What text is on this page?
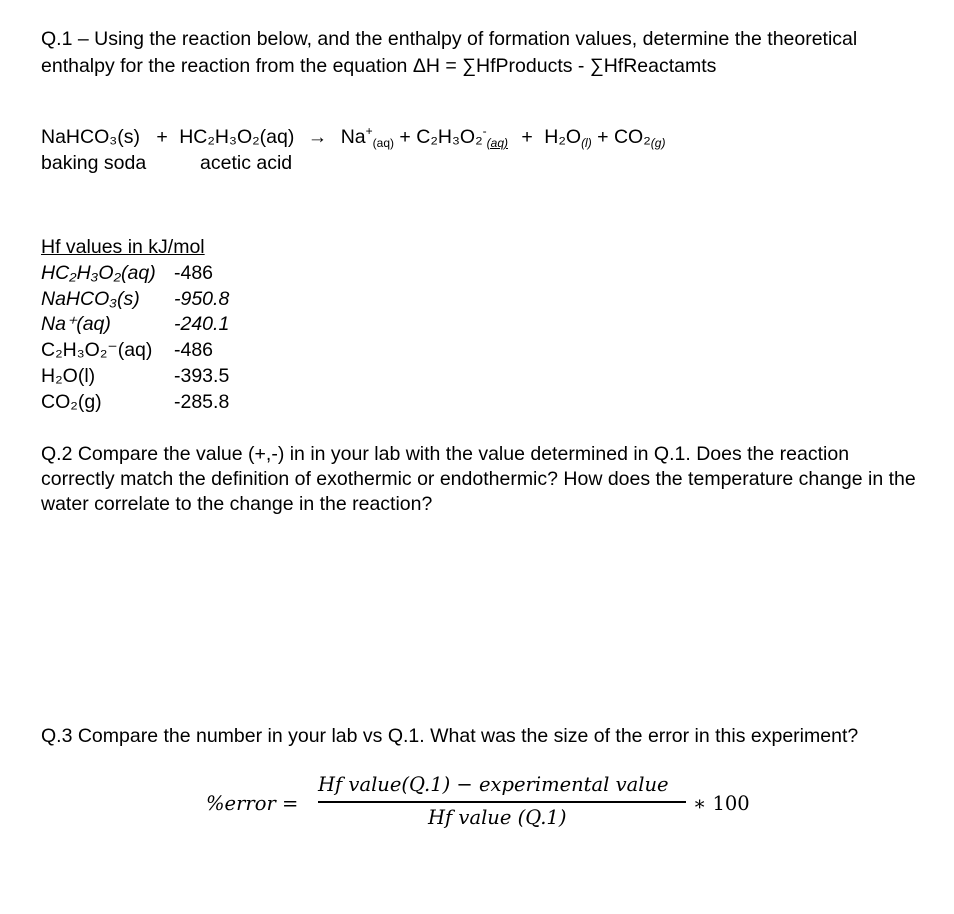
Q.1 – Using the reaction below, and the enthalpy of formation values, determine the theoretical enthalpy for the reaction from the equation ΔH = ∑HfProducts - ∑HfReactamts
NaHCO₃(s) + $HC_2H_3O_2(aq) \to Na^+_{(aq)} + C_2H_3O_2^-_{(aq)} + H_2O_{(l)} + CO_2_{(g)}$
baking soda	acetic acid
Hf values in kJ/mol
HC₂H₃O₂(aq) -486
NaHCO₃(s) -950.8
Na⁺(aq)	-240.1
C₂H₃O₂⁻(aq) -486
H₂O(l)	-393.5
CO₂(g)	-285.8
Q.2 Compare the value (+,-) in in your lab with the value determined in Q.1. Does the reaction correctly match the definition of exothermic or endothermic? How does the temperature change in the water correlate to the change in the reaction?
Q.3 Compare the number in your lab vs Q.1. What was the size of the error in this experiment?
%error =
Hf value(Q.1) − experimental value
Hf value (Q.1)
∗ 100
